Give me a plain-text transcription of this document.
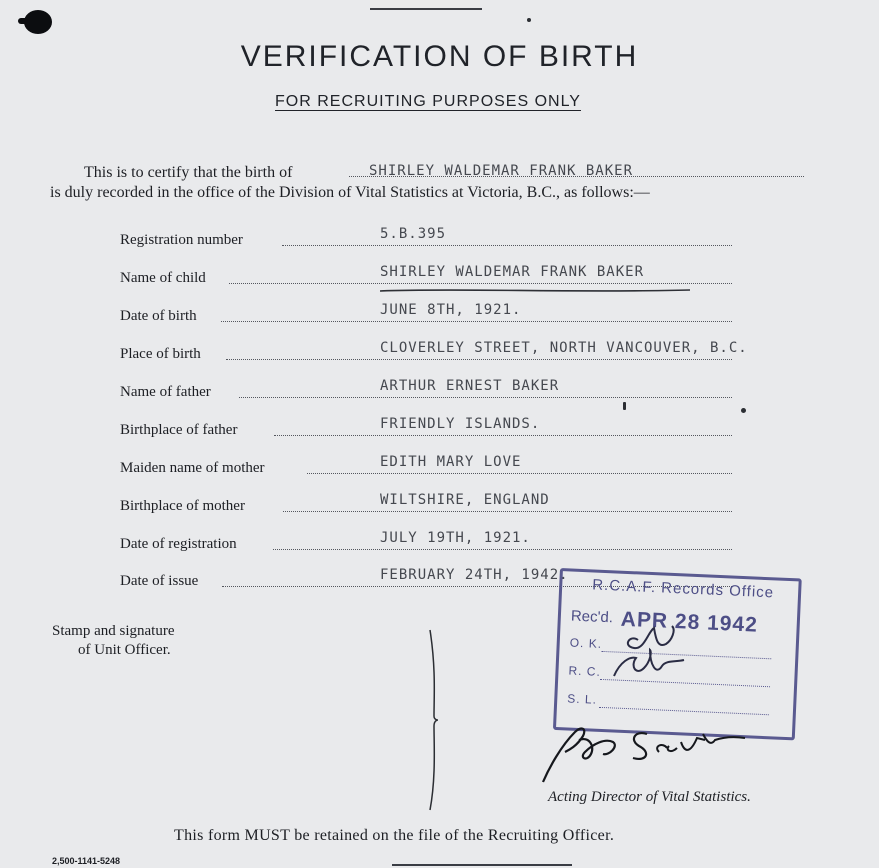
VERIFICATION OF BIRTH
FOR RECRUITING PURPOSES ONLY
This is to certify that the birth of	SHIRLEY WALDEMAR FRANK BAKER
is duly recorded in the office of the Division of Vital Statistics at Victoria, B.C., as follows:—
Registration number	5.B.395
Name of child	SHIRLEY WALDEMAR FRANK BAKER
Date of birth	JUNE 8TH, 1921.
Place of birth	CLOVERLEY STREET, NORTH VANCOUVER, B.C.
Name of father	ARTHUR ERNEST BAKER
Birthplace of father	FRIENDLY ISLANDS.
Maiden name of mother	EDITH MARY LOVE
Birthplace of mother	WILTSHIRE, ENGLAND
Date of registration	JULY 19TH, 1921.
Date of issue	FEBRUARY 24TH, 1942.
Stamp and signature
of Unit Officer.
R.C.A.F. Records Office
Rec'd. APR 28 1942
O. K.
R. C.
S. L.
Acting Director of Vital Statistics.
This form MUST be retained on the file of the Recruiting Officer.
2,500-1141-5248
